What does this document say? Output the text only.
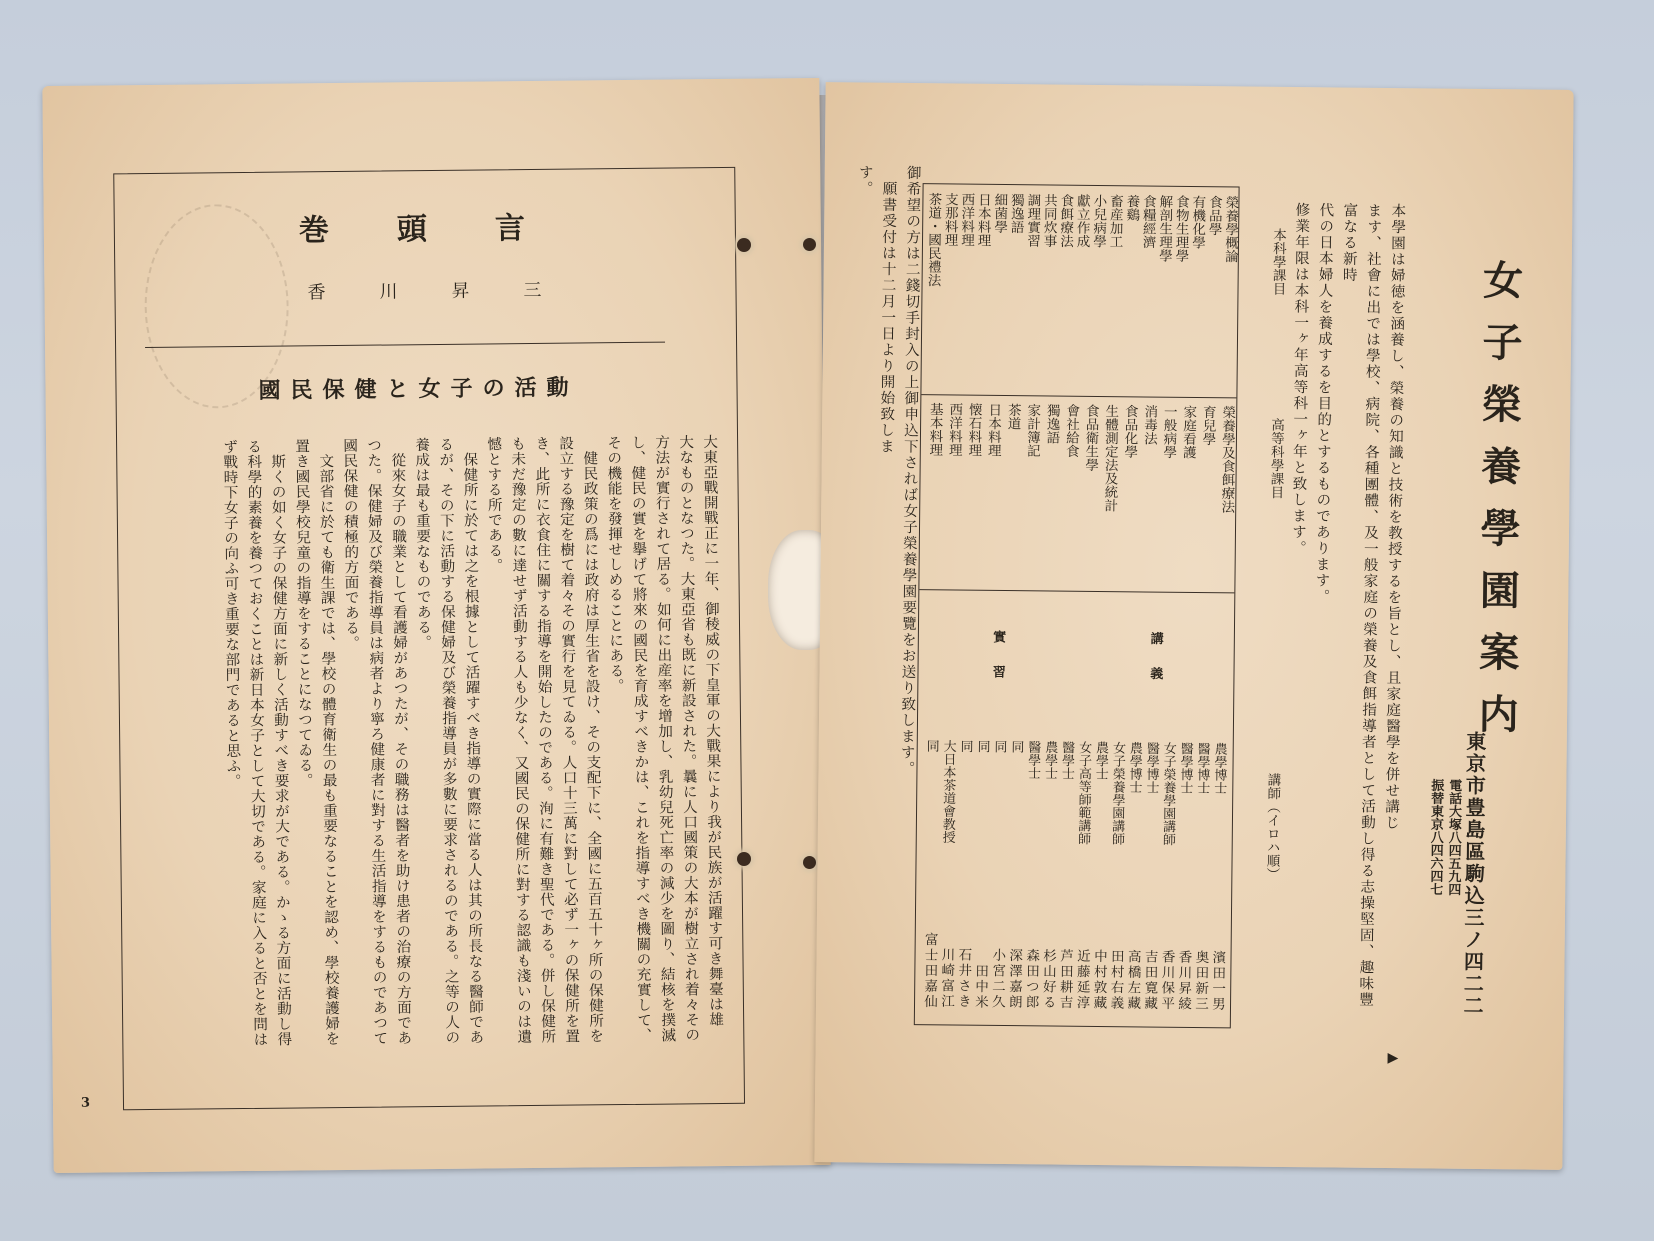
巻頭言
香川昇三
國民保健と女子の活動
大東亞戰開戰正に一年、御稜威の下皇軍の大戰果により我が民族が活躍す可き舞臺は雄
大なものとなつた。大東亞省も既に新設された。曩に人口國策の大本が樹立され着々その
方法が實行されて居る。如何に出産率を增加し、乳幼兒死亡率の減少を圖り、結核を撲滅
し、健民の實を擧げて將來の國民を育成すべきかは、これを指導すべき機關の充實して、
その機能を發揮せしめることにある。
　健民政策の爲には政府は厚生省を設け、その支配下に、全國に五百五十ヶ所の保健所を
設立する豫定を樹て着々その實行を見てゐる。人口十三萬に對して必ず一ヶの保健所を置
き、此所に衣食住に關する指導を開始したのである。洵に有難き聖代である。併し保健所
も未だ豫定の數に達せず活動する人も少なく、又國民の保健所に對する認識も淺いのは遺
憾とする所である。
　保健所に於ては之を根據として活躍すべき指導の實際に當る人は其の所長なる醫師であ
るが、その下に活動する保健婦及び榮養指導員が多數に要求されるのである。之等の人の
養成は最も重要なものである。
　從來女子の職業として看護婦があつたが、その職務は醫者を助け患者の治療の方面であ
つた。保健婦及び榮養指導員は病者より寧ろ健康者に對する生活指導をするものであつて
國民保健の積極的方面である。
　文部省に於ても衛生課では、學校の體育衛生の最も重要なることを認め、學校養護婦を
置き國民學校兒童の指導をすることになつてゐる。
　斯くの如く女子の保健方面に新しく活動すべき要求が大である。かゝる方面に活動し得
る科學的素養を養つておくことは新日本女子として大切である。家庭に入ると否とを問は
ず戰時下女子の向ふ可き重要な部門であると思ふ。
3
女子榮養學園案内
東京市豊島區駒込三ノ四二二
電話大塚八四五九四
振替東京八四六四七
本學園は婦徳を涵養し、榮養の知識と技術を教授するを旨とし、且家庭醫學を併せ講じ
ます、社會に出では學校、病院、各種團體、及一般家庭の榮養及食餌指導者として活動し得る志操堅固、趣味豐富なる新時
代の日本婦人を養成するを目的とするものであります。
修業年限は本科一ヶ年高等科一ヶ年と致します。
本科學課目
榮養學概論
食品學
有機化學
食物生理學
解剖生理學
食糧經濟
養鷄
畜産加工
小兒病學
獻立作成
食餌療法
共同炊事
調理實習
獨逸語
細菌學
日本料理
西洋料理
支那料理
茶道・國民禮法
高等科學課目
榮養學及食餌療法
育兒學
家庭看護
一般病學
消毒法
食品化學
生體測定法及統計
食品衛生學
會社給食
獨逸語
家計簿記
茶道
日本料理
懐石料理
西洋料理
基本料理
講師（イロハ順）
講義
實習
農學博士
濱田一男
醫學博士
奥田新三
醫學博士
香川昇綾
女子榮養學園講師
香川保平
醫學博士
吉田寛藏
農學博士
高橋左藏
女子榮養學園講師
田村右義
農學士
中村敦藏
女子高等師範講師
近藤延淳
醫學士
芦田耕吉
農學士
杉山好る
醫學士
森田つ郎
同
深澤嘉朗
同
小宮二久
同
田中米
同
石井さき
大日本茶道會教授
川崎富江
同
富士田嘉仙
御希望の方は二錢切手封入の上御申込下されば女子榮養學園要覽をお送り致します。
　願書受付は十二月一日より開始致しま
す。
▶
